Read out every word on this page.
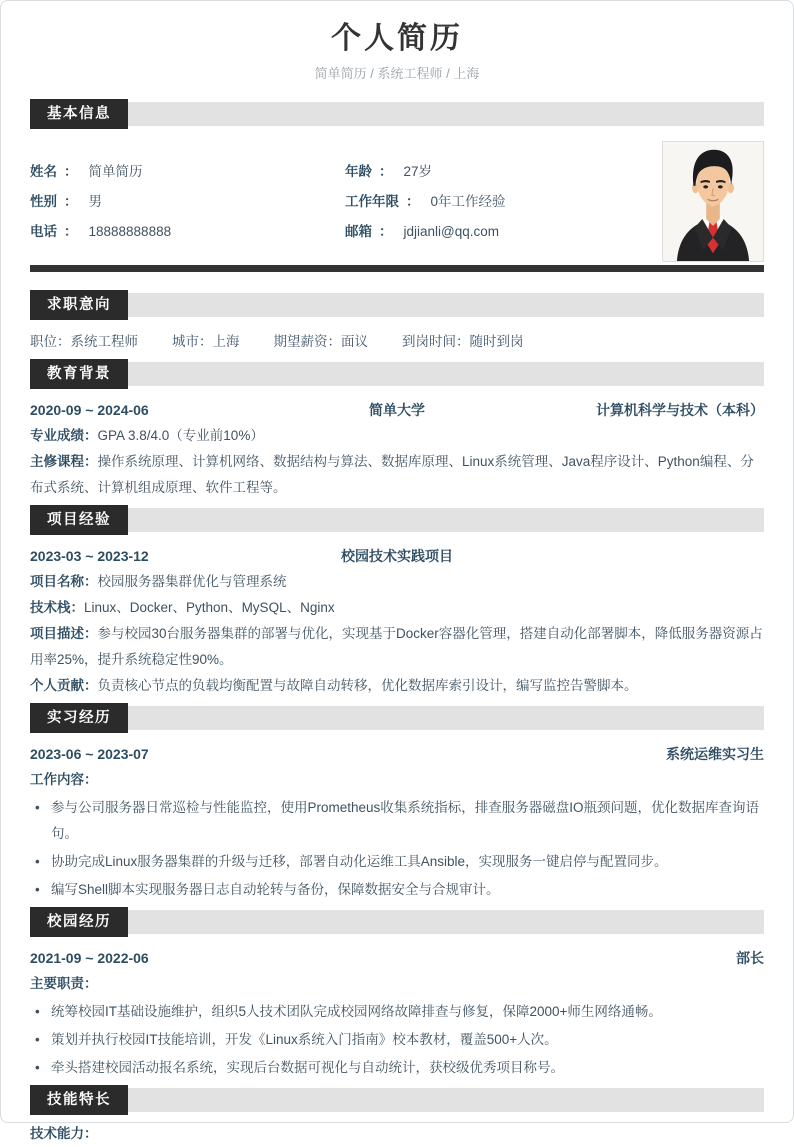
个人简历
简单简历 / 系统工程师 / 上海
基本信息
姓名 ： 简单简历	年龄 ： 27岁
性别 ： 男	工作年限 ： 0年工作经验
电话 ： 18888888888	邮箱 ： jdjianli@qq.com
求职意向
职位：系统工程师	城市：上海	期望薪资：面议	到岗时间：随时到岗
教育背景
2020-09 ~ 2024-06	简单大学	计算机科学与技术（本科）
专业成绩：GPA 3.8/4.0（专业前10%）
主修课程：操作系统原理、计算机网络、数据结构与算法、数据库原理、Linux系统管理、Java程序设计、Python编程、分布式系统、计算机组成原理、软件工程等。
项目经验
2023-03 ~ 2023-12	校园技术实践项目
项目名称：校园服务器集群优化与管理系统
技术栈：Linux、Docker、Python、MySQL、Nginx
项目描述：参与校园30台服务器集群的部署与优化，实现基于Docker容器化管理，搭建自动化部署脚本，降低服务器资源占用率25%，提升系统稳定性90%。
个人贡献：负责核心节点的负载均衡配置与故障自动转移，优化数据库索引设计，编写监控告警脚本。
实习经历
2023-06 ~ 2023-07	系统运维实习生
工作内容：
• 参与公司服务器日常巡检与性能监控，使用Prometheus收集系统指标，排查服务器磁盘IO瓶颈问题，优化数据库查询语句。
• 协助完成Linux服务器集群的升级与迁移，部署自动化运维工具Ansible，实现服务一键启停与配置同步。
• 编写Shell脚本实现服务器日志自动轮转与备份，保障数据安全与合规审计。
校园经历
2021-09 ~ 2022-06	部长
主要职责：
• 统筹校园IT基础设施维护，组织5人技术团队完成校园网络故障排查与修复，保障2000+师生网络通畅。
• 策划并执行校园IT技能培训，开发《Linux系统入门指南》校本教材，覆盖500+人次。
• 牵头搭建校园活动报名系统，实现后台数据可视化与自动统计，获校级优秀项目称号。
技能特长
技术能力：
